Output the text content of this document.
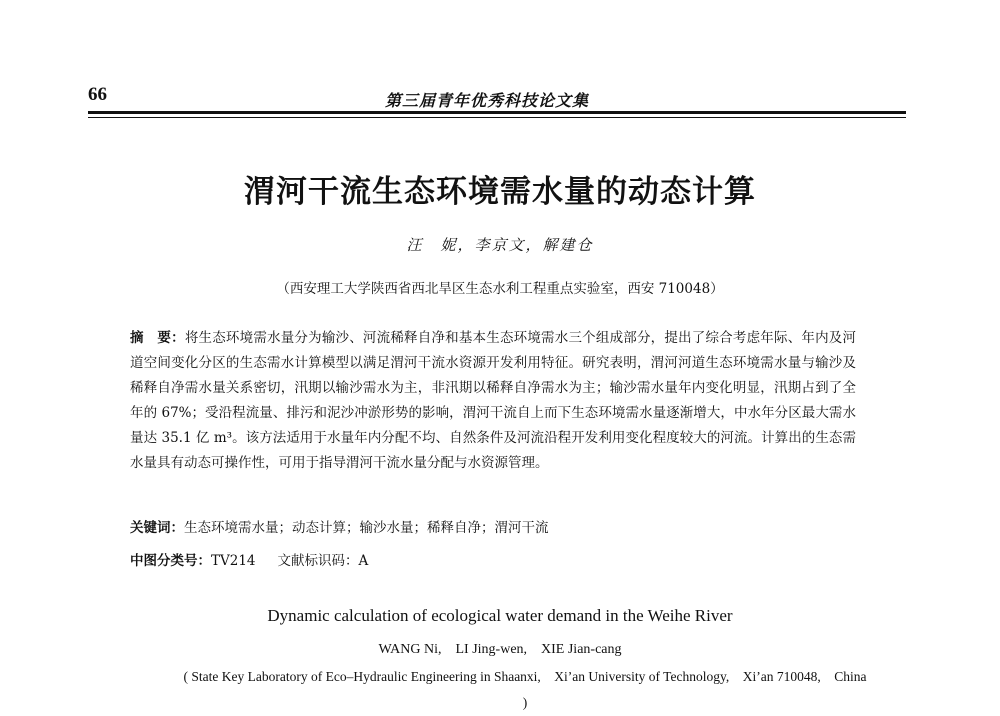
66	第三届青年优秀科技论文集
渭河干流生态环境需水量的动态计算
汪　妮，李京文，解建仓
（西安理工大学陕西省西北旱区生态水利工程重点实验室，西安 710048）
摘　要：将生态环境需水量分为输沙、河流稀释自净和基本生态环境需水三个组成部分，提出了综合考虑年际、年内及河道空间变化分区的生态需水计算模型以满足渭河干流水资源开发利用特征。研究表明，渭河河道生态环境需水量与输沙及稀释自净需水量关系密切，汛期以输沙需水为主，非汛期以稀释自净需水为主；输沙需水量年内变化明显，汛期占到了全年的 67%；受沿程流量、排污和泥沙冲淤形势的影响，渭河干流自上而下生态环境需水量逐渐增大，中水年分区最大需水量达 35.1 亿 m³。该方法适用于水量年内分配不均、自然条件及河流沿程开发利用变化程度较大的河流。计算出的生态需水量具有动态可操作性，可用于指导渭河干流水量分配与水资源管理。
关键词：生态环境需水量；动态计算；输沙水量；稀释自净；渭河干流
中图分类号：TV214 文献标识码：A
Dynamic calculation of ecological water demand in the Weihe River
WANG Ni,　LI Jing-wen,　XIE Jian-cang
( State Key Laboratory of Eco–Hydraulic Engineering in Shaanxi,　Xi’an University of Technology,　Xi’an 710048,　China )
